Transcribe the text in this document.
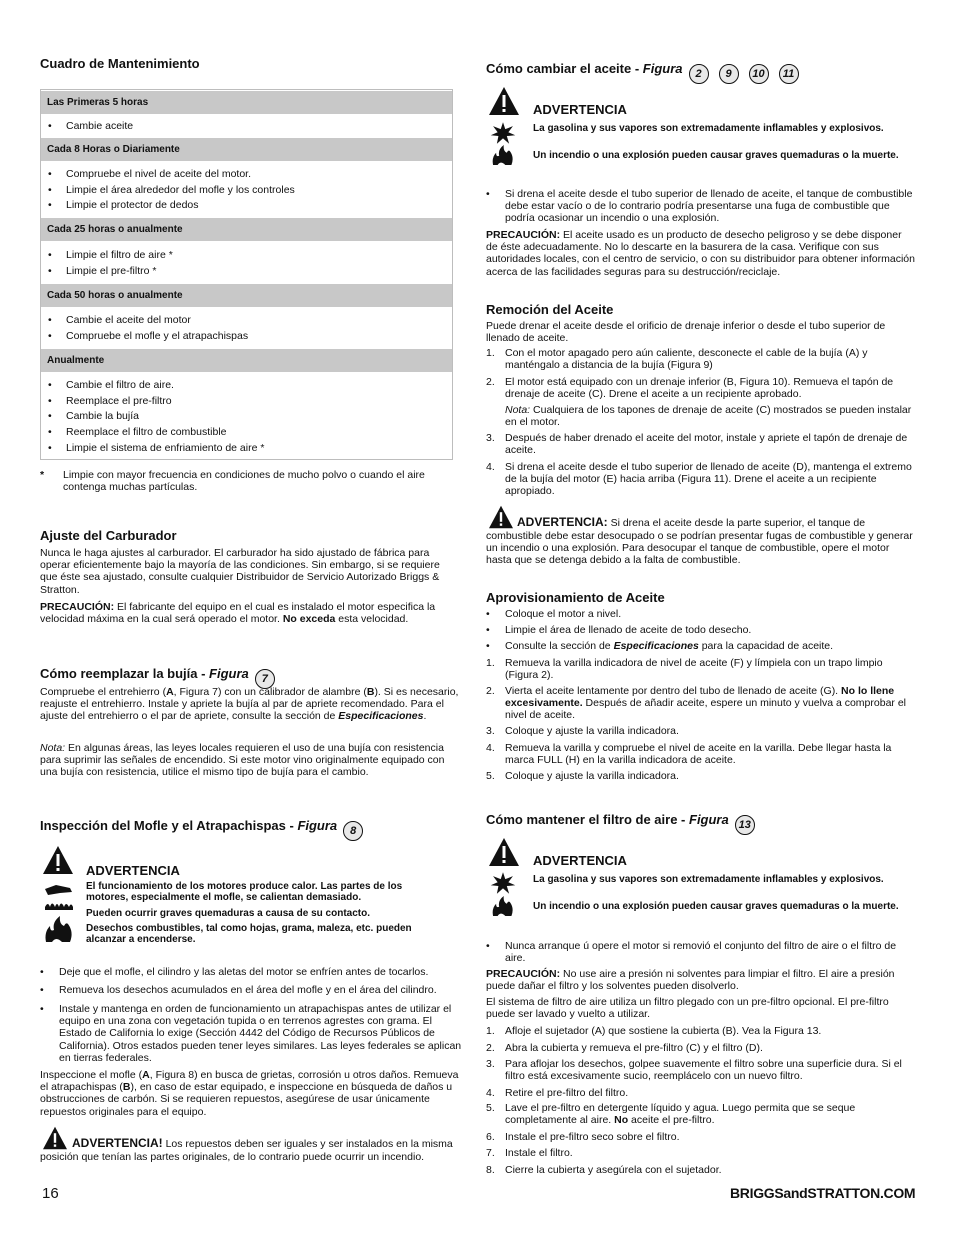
Cuadro de Mantenimiento
Las Primeras 5 horas
• Cambie aceite
Cada 8 Horas o Diariamente
• Compruebe el nivel de aceite del motor.
• Limpie el área alrededor del mofle y los controles
• Limpie el protector de dedos
Cada 25 horas o anualmente
• Limpie el filtro de aire *
• Limpie el pre-filtro *
Cada 50 horas o anualmente
• Cambie el aceite del motor
• Compruebe el mofle y el atrapachispas
Anualmente
• Cambie el filtro de aire.
• Reemplace el pre-filtro
• Cambie la bujía
• Reemplace el filtro de combustible
• Limpie el sistema de enfriamiento de aire *
* Limpie con mayor frecuencia en condiciones de mucho polvo o cuando el aire contenga muchas partículas.
Ajuste del Carburador
Nunca le haga ajustes al carburador. El carburador ha sido ajustado de fábrica para operar eficientemente bajo la mayoría de las condiciones. Sin embargo, si se requiere que éste sea ajustado, consulte cualquier Distribuidor de Servicio Autorizado Briggs & Stratton.
PRECAUCIÓN: El fabricante del equipo en el cual es instalado el motor especifica la velocidad máxima en la cual será operado el motor. No exceda esta velocidad.
Cómo reemplazar la bujía - Figura 7
Compruebe el entrehierro (A, Figura 7) con un calibrador de alambre (B). Si es necesario, reajuste el entrehierro. Instale y apriete la bujía al par de apriete recomendado. Para el ajuste del entrehierro o el par de apriete, consulte la sección de Especificaciones.
Nota: En algunas áreas, las leyes locales requieren el uso de una bujía con resistencia para suprimir las señales de encendido. Si este motor vino originalmente equipado con una bujía con resistencia, utilice el mismo tipo de bujía para el cambio.
Inspección del Mofle y el Atrapachispas - Figura 8
ADVERTENCIA
El funcionamiento de los motores produce calor. Las partes de los motores, especialmente el mofle, se calientan demasiado.
Pueden ocurrir graves quemaduras a causa de su contacto.
Desechos combustibles, tal como hojas, grama, maleza, etc. pueden alcanzar a encenderse.
• Deje que el mofle, el cilindro y las aletas del motor se enfríen antes de tocarlos.
• Remueva los desechos acumulados en el área del mofle y en el área del cilindro.
• Instale y mantenga en orden de funcionamiento un atrapachispas antes de utilizar el equipo en una zona con vegetación tupida o en terrenos agrestes con grama. El Estado de California lo exige (Sección 4442 del Código de Recursos Públicos de California). Otros estados pueden tener leyes similares. Las leyes federales se aplican en tierras federales.
Inspeccione el mofle (A, Figura 8) en busca de grietas, corrosión u otros daños. Remueva el atrapachispas (B), en caso de estar equipado, e inspeccione en búsqueda de daños u obstrucciones de carbón. Si se requieren repuestos, asegúrese de usar únicamente repuestos originales para el equipo.
ADVERTENCIA! Los repuestos deben ser iguales y ser instalados en la misma posición que tenían las partes originales, de lo contrario puede ocurrir un incendio.
Cómo cambiar el aceite - Figura 2 9 10 11
ADVERTENCIA
La gasolina y sus vapores son extremadamente inflamables y explosivos.
Un incendio o una explosión pueden causar graves quemaduras o la muerte.
• Si drena el aceite desde el tubo superior de llenado de aceite, el tanque de combustible debe estar vacío o de lo contrario podría presentarse una fuga de combustible que podría ocasionar un incendio o una explosión.
PRECAUCIÓN: El aceite usado es un producto de desecho peligroso y se debe disponer de éste adecuadamente. No lo descarte en la basurera de la casa. Verifique con sus autoridades locales, con el centro de servicio, o con su distribuidor para obtener información acerca de las facilidades seguras para su destrucción/reciclaje.
Remoción del Aceite
Puede drenar el aceite desde el orificio de drenaje inferior o desde el tubo superior de llenado de aceite.
1. Con el motor apagado pero aún caliente, desconecte el cable de la bujía (A) y manténgalo a distancia de la bujía (Figura 9)
2. El motor está equipado con un drenaje inferior (B, Figura 10). Remueva el tapón de drenaje de aceite (C). Drene el aceite a un recipiente aprobado.
Nota: Cualquiera de los tapones de drenaje de aceite (C) mostrados se pueden instalar en el motor.
3. Después de haber drenado el aceite del motor, instale y apriete el tapón de drenaje de aceite.
4. Si drena el aceite desde el tubo superior de llenado de aceite (D), mantenga el extremo de la bujía del motor (E) hacia arriba (Figura 11). Drene el aceite a un recipiente apropiado.
ADVERTENCIA: Si drena el aceite desde la parte superior, el tanque de combustible debe estar desocupado o se podrían presentar fugas de combustible y generar un incendio o una explosión. Para desocupar el tanque de combustible, opere el motor hasta que se detenga debido a la falta de combustible.
Aprovisionamiento de Aceite
• Coloque el motor a nivel.
• Limpie el área de llenado de aceite de todo desecho.
• Consulte la sección de Especificaciones para la capacidad de aceite.
1. Remueva la varilla indicadora de nivel de aceite (F) y límpiela con un trapo limpio (Figura 2).
2. Vierta el aceite lentamente por dentro del tubo de llenado de aceite (G). No lo llene excesivamente. Después de añadir aceite, espere un minuto y vuelva a comprobar el nivel de aceite.
3. Coloque y ajuste la varilla indicadora.
4. Remueva la varilla y compruebe el nivel de aceite en la varilla. Debe llegar hasta la marca FULL (H) en la varilla indicadora de aceite.
5. Coloque y ajuste la varilla indicadora.
Cómo mantener el filtro de aire - Figura 13
ADVERTENCIA
La gasolina y sus vapores son extremadamente inflamables y explosivos.
Un incendio o una explosión pueden causar graves quemaduras o la muerte.
• Nunca arranque ú opere el motor si removió el conjunto del filtro de aire o el filtro de aire.
PRECAUCIÓN: No use aire a presión ni solventes para limpiar el filtro. El aire a presión puede dañar el filtro y los solventes pueden disolverlo.
El sistema de filtro de aire utiliza un filtro plegado con un pre-filtro opcional. El pre-filtro puede ser lavado y vuelto a utilizar.
1. Afloje el sujetador (A) que sostiene la cubierta (B). Vea la Figura 13.
2. Abra la cubierta y remueva el pre-filtro (C) y el filtro (D).
3. Para aflojar los desechos, golpee suavemente el filtro sobre una superficie dura. Si el filtro está excesivamente sucio, reemplácelo con un nuevo filtro.
4. Retire el pre-filtro del filtro.
5. Lave el pre-filtro en detergente líquido y agua. Luego permita que se seque completamente al aire. No aceite el pre-filtro.
6. Instale el pre-filtro seco sobre el filtro.
7. Instale el filtro.
8. Cierre la cubierta y asegúrela con el sujetador.
16	BRIGGSandSTRATTON.COM
